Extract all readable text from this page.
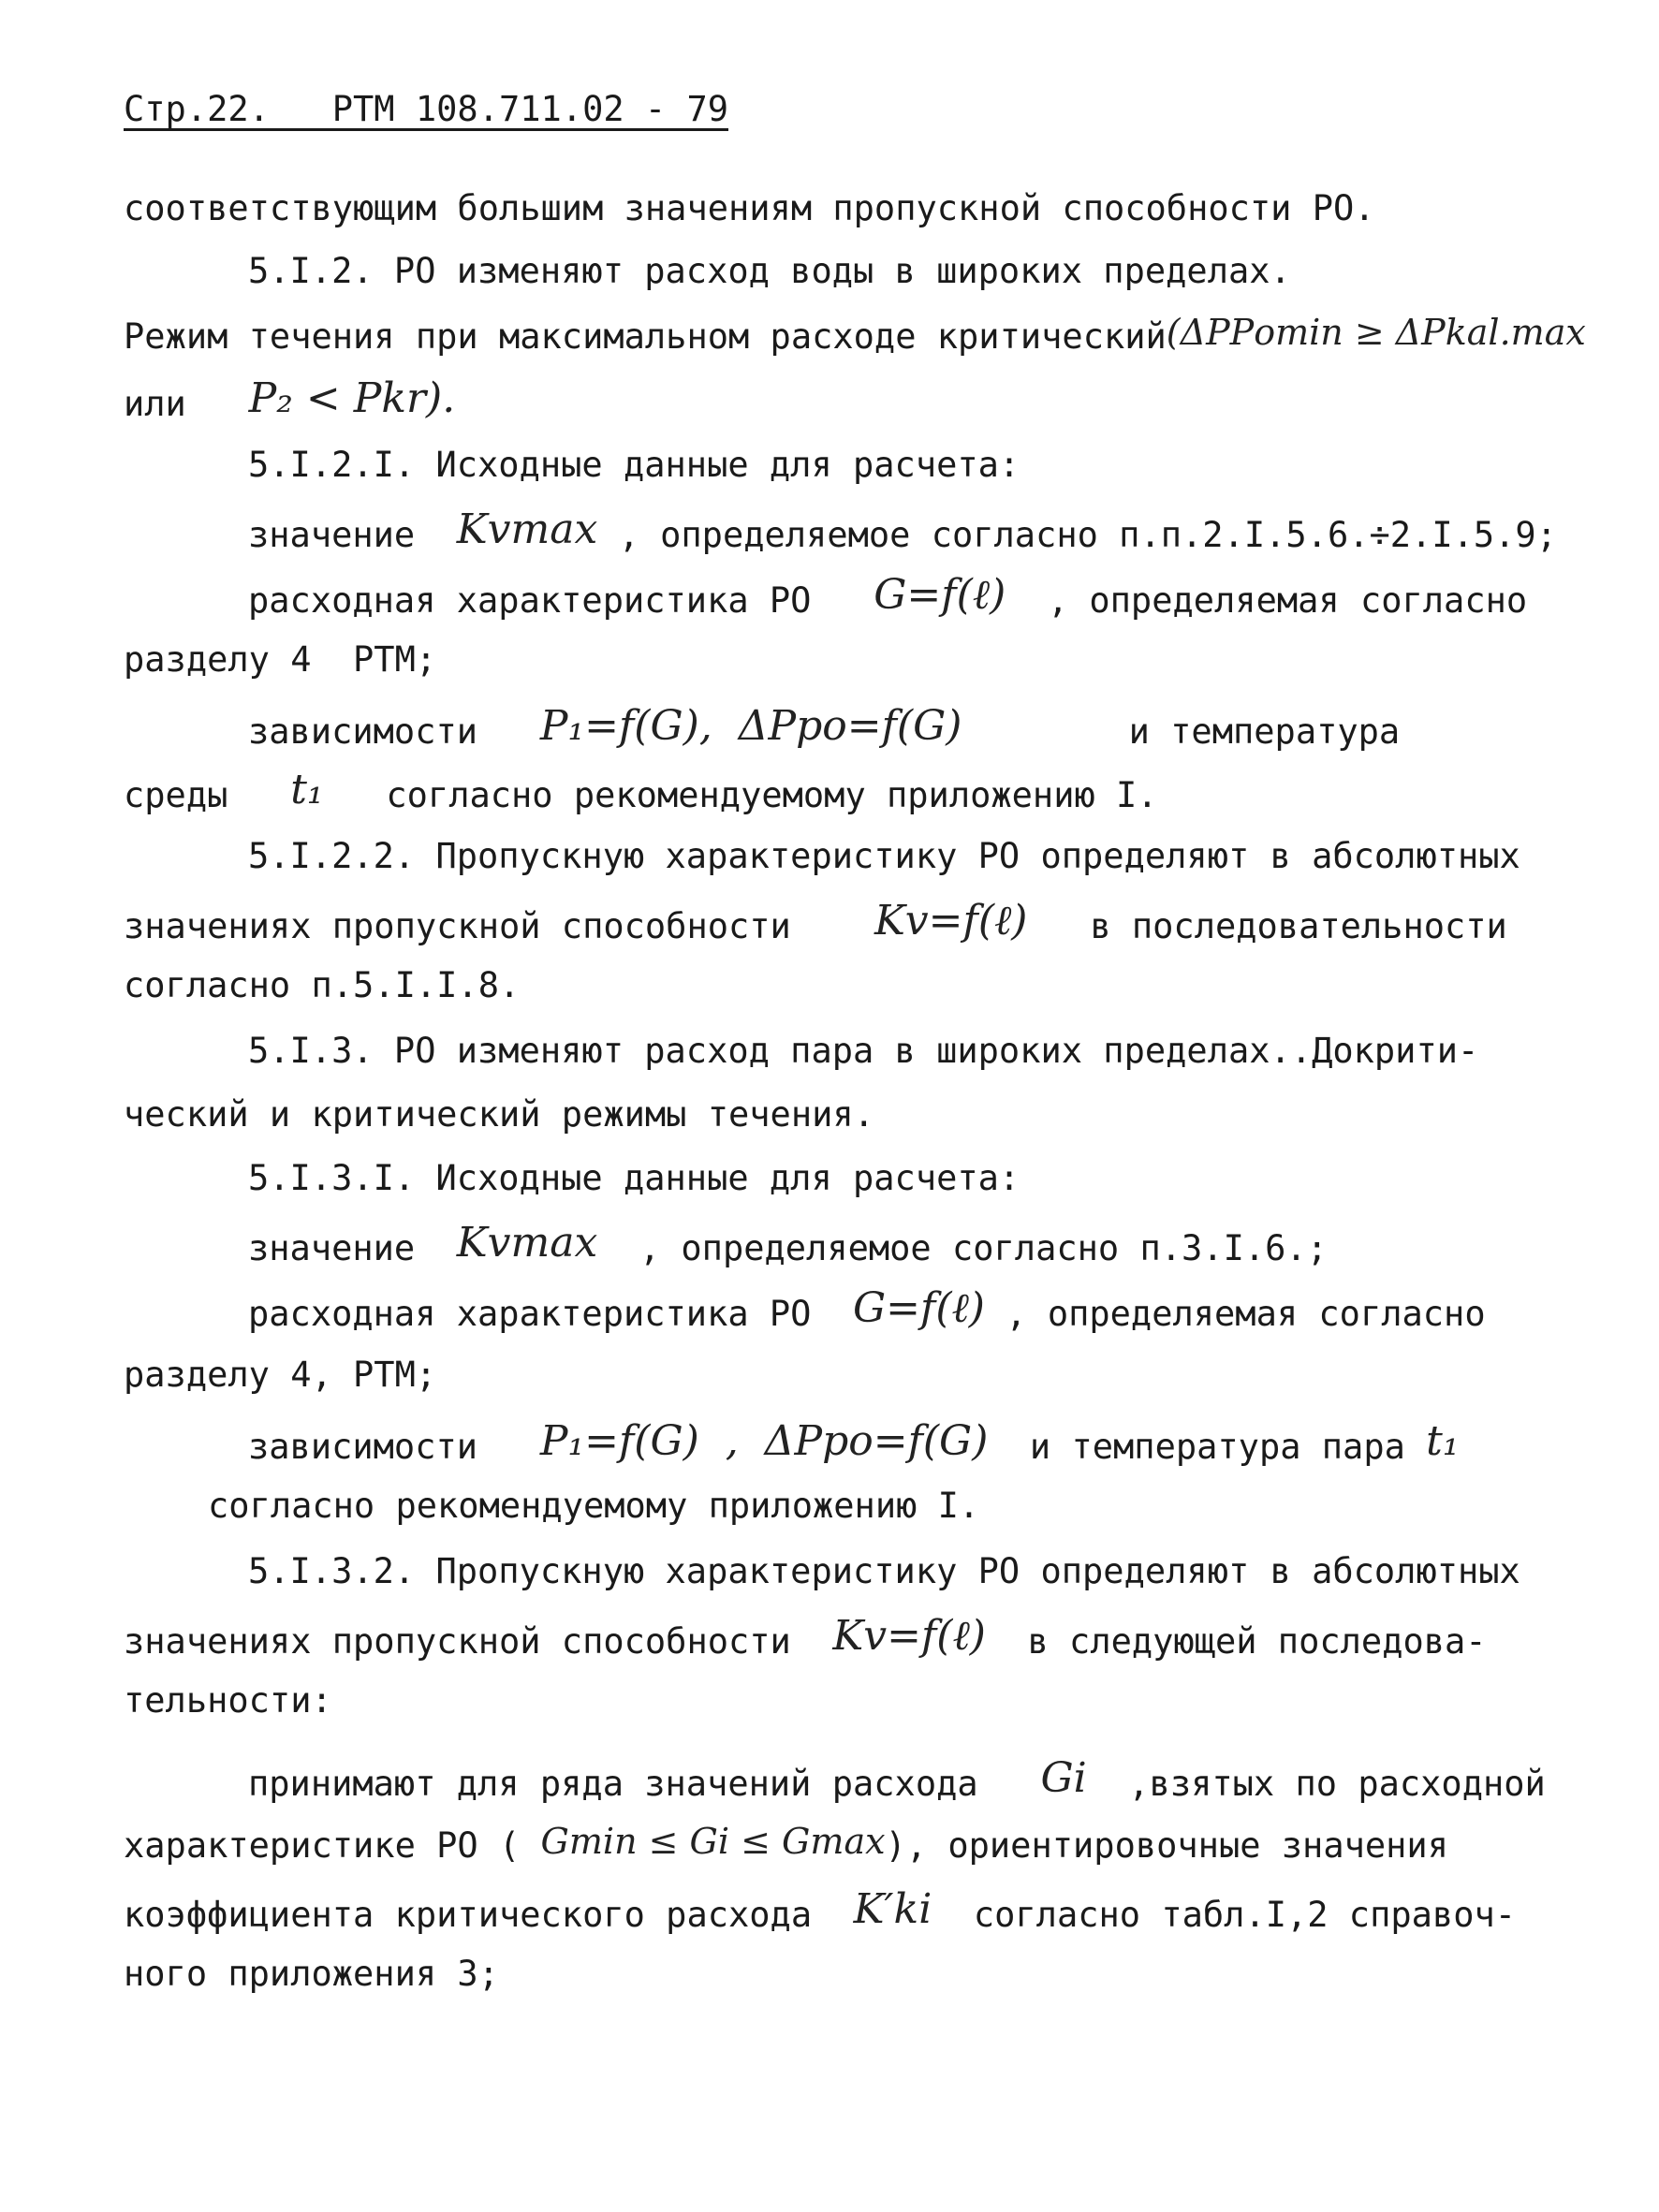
Стр.22.   РТМ 108.711.02 - 79
соответствующим большим значениям пропускной способности РО.
5.I.2. РО изменяют расход воды в широких пределах.
Режим течения при максимальном расходе критический(ΔPРоmin ≥ ΔPkal.max
или P₂ < Pkr).
5.I.2.I. Исходные данные для расчета:
значение Kvmax , определяемое согласно п.п.2.I.5.6.÷2.I.5.9;
расходная характеристика РО G=f(ℓ) , определяемая согласно
разделу 4  РТМ;
зависимости P₁=f(G),  ΔPро=f(G)	и температура
среды t₁ согласно рекомендуемому приложению I.
5.I.2.2. Пропускную характеристику РО определяют в абсолютных
значениях пропускной способности Kv=f(ℓ) в последовательности
согласно п.5.I.I.8.
5.I.3. РО изменяют расход пара в широких пределах..Докрити-
ческий и критический режимы течения.
5.I.3.I. Исходные данные для расчета:
значение Kvmax , определяемое согласно п.3.I.6.;
расходная характеристика РО G=f(ℓ) , определяемая согласно
разделу 4, РТМ;
зависимости P₁=f(G)  ,  ΔPро=f(G) и температура пара t₁
согласно рекомендуемому приложению I.
5.I.3.2. Пропускную характеристику РО определяют в абсолютных
значениях пропускной способности Kv=f(ℓ) в следующей последова-
тельности:
принимают для ряда значений расхода Gi ,взятых по расходной
характеристике РО ( Gmin ≤ Gi ≤ Gmax), ориентировочные значения
коэффициента критического расхода K′ki согласно табл.I,2 справоч-
ного приложения 3;
